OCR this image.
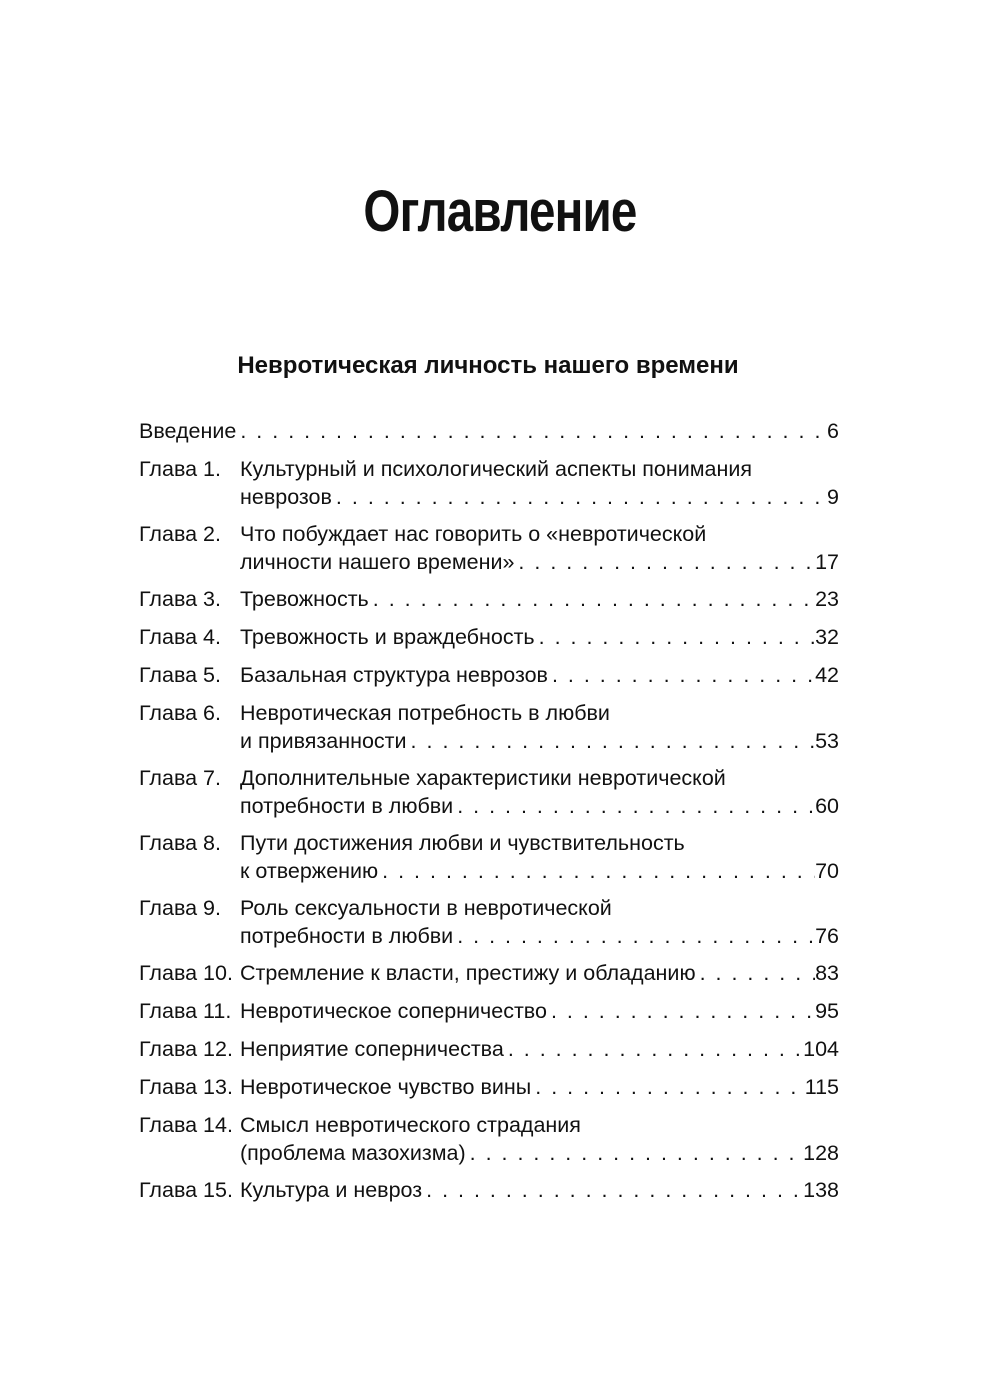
Оглавление
Невротическая личность нашего времени
Введение . . .	6
Глава 1. Культурный и психологический аспекты понимания
неврозов . . .	9
Глава 2. Что побуждает нас говорить о «невротической
личности нашего времени» . . .	17
Глава 3. Тревожность . . .	23
Глава 4. Тревожность и враждебность . . .	32
Глава 5. Базальная структура неврозов . . .	42
Глава 6. Невротическая потребность в любви
и привязанности . . .	53
Глава 7. Дополнительные характеристики невротической
потребности в любви . . .	60
Глава 8. Пути достижения любви и чувствительность
к отвержению . . .	70
Глава 9. Роль сексуальности в невротической
потребности в любви . . .	76
Глава 10. Стремление к власти, престижу и обладанию . . .	83
Глава 11. Невротическое соперничество . . .	95
Глава 12. Неприятие соперничества . . .	104
Глава 13. Невротическое чувство вины . . .	115
Глава 14. Смысл невротического страдания
(проблема мазохизма) . . .	128
Глава 15. Культура и невроз . . .	138
